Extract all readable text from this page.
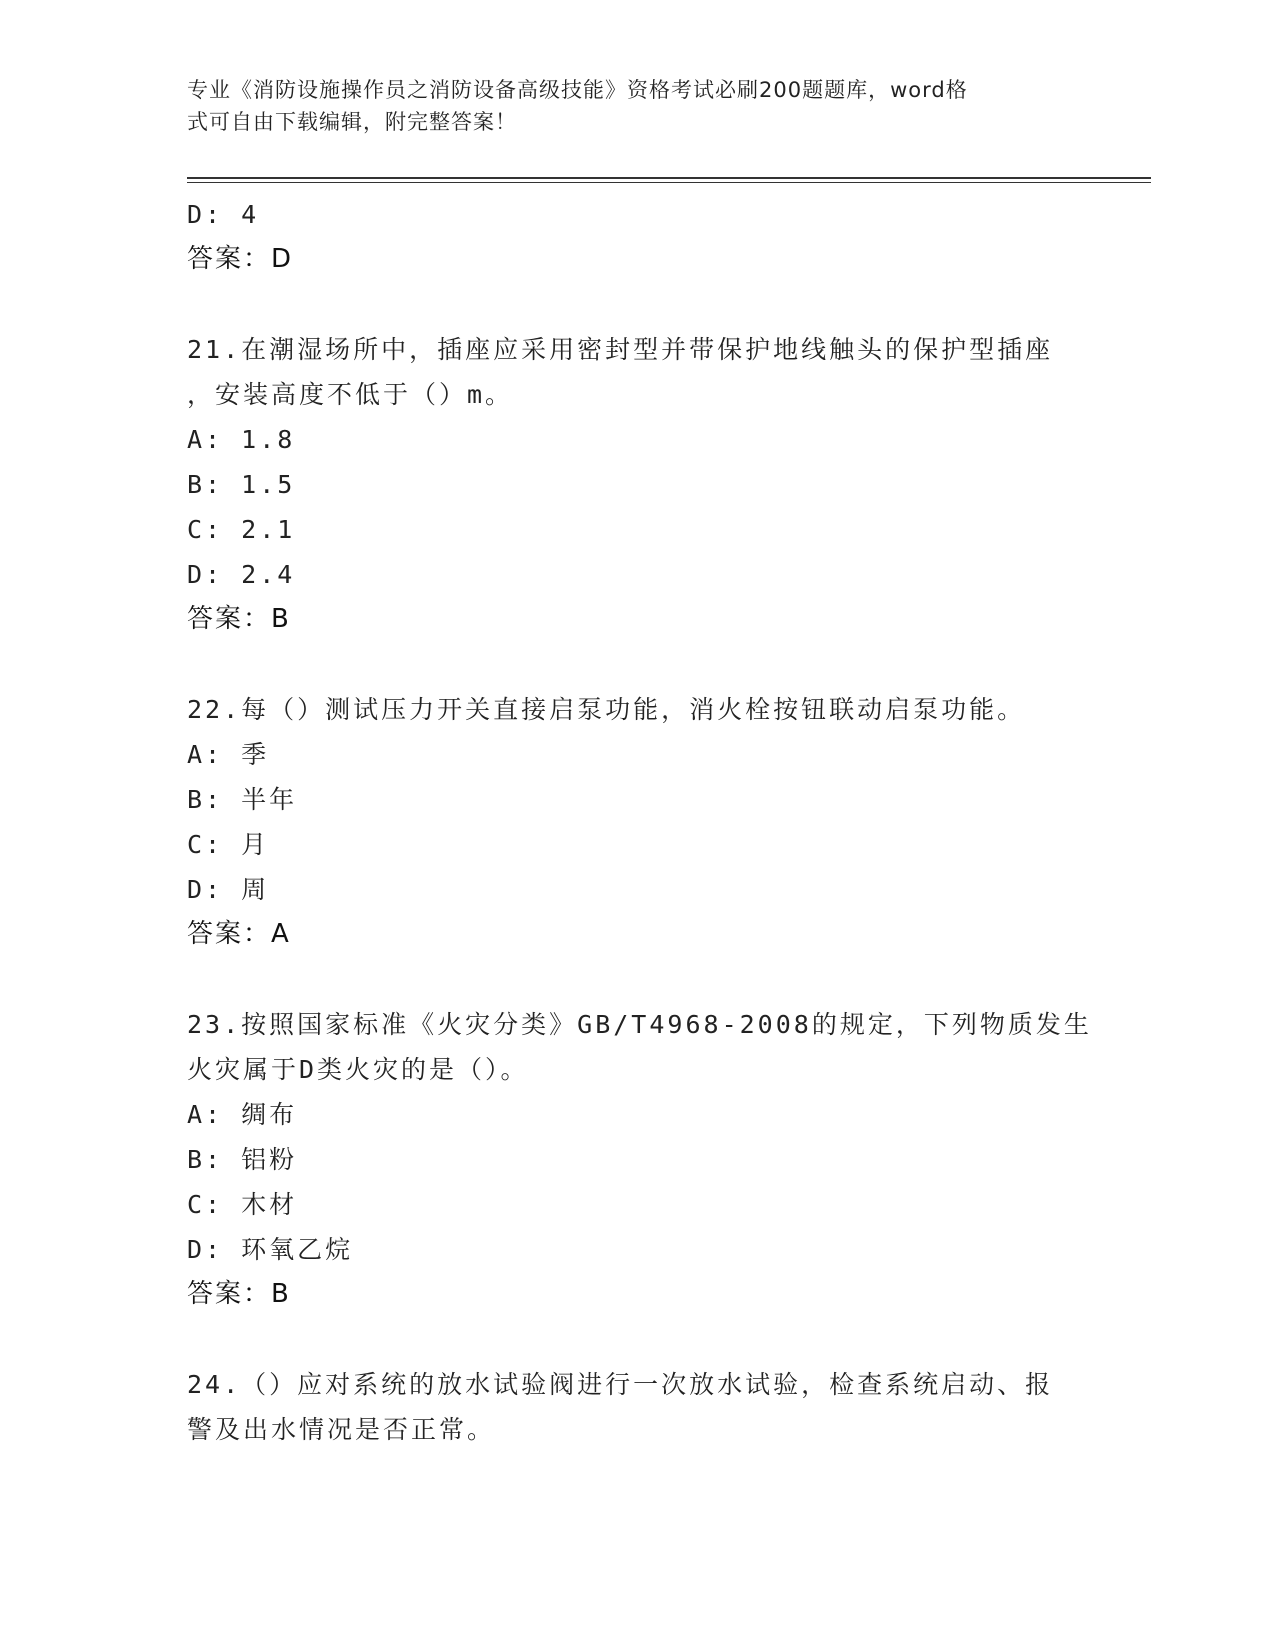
专业《消防设施操作员之消防设备高级技能》资格考试必刷200题题库，word格
式可自由下载编辑，附完整答案！
D: 4
答案：D
21.在潮湿场所中，插座应采用密封型并带保护地线触头的保护型插座
，安装高度不低于（）m。
A: 1.8
B: 1.5
C: 2.1
D: 2.4
答案：B
22.每（）测试压力开关直接启泵功能，消火栓按钮联动启泵功能。
A: 季
B: 半年
C: 月
D: 周
答案：A
23.按照国家标准《火灾分类》GB/T4968-2008的规定，下列物质发生
火灾属于D类火灾的是（）。
A: 绸布
B: 铝粉
C: 木材
D: 环氧乙烷
答案：B
24.（）应对系统的放水试验阀进行一次放水试验，检查系统启动、报
警及出水情况是否正常。
